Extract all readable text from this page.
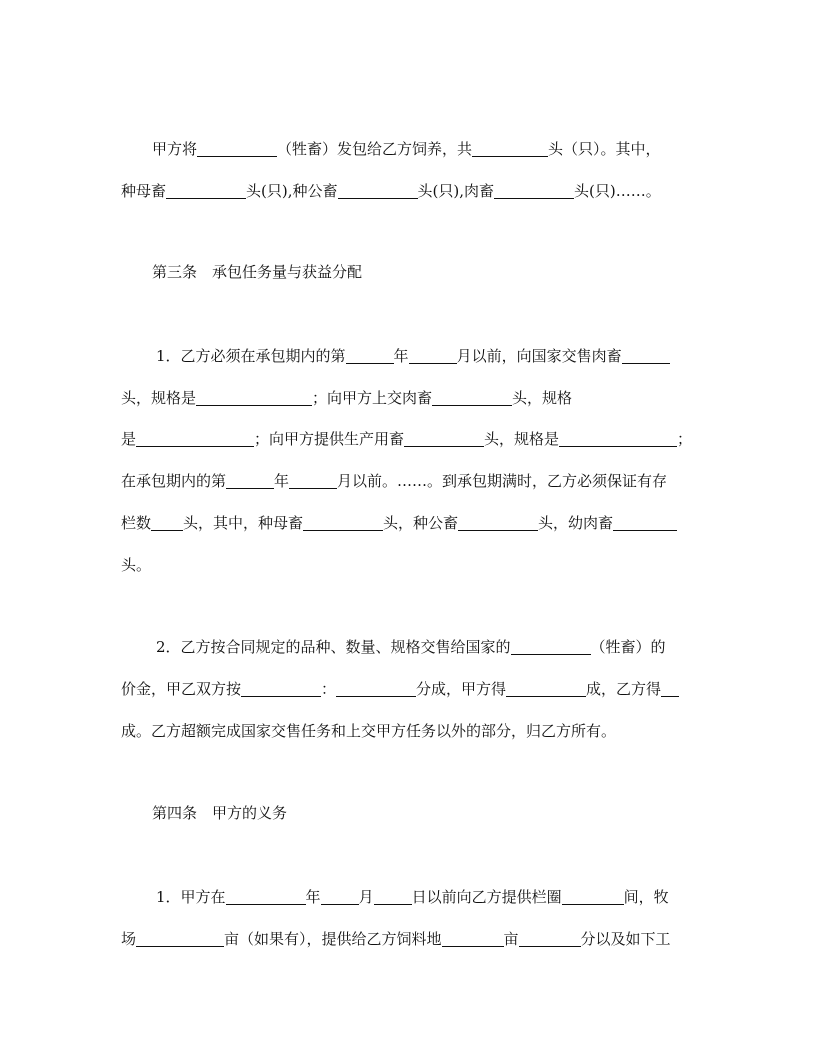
甲方将	（牲畜）发包给乙方饲养，共	头（只）。其中，
种母畜	头(只),种公畜	头(只),肉畜	头(只)……。
第三条　承包任务量与获益分配
1．乙方必须在承包期内的第	年	月以前，向国家交售肉畜
头，规格是	；向甲方上交肉畜	头，规格
是	；向甲方提供生产用畜	头，规格是	；
在承包期内的第	年	月以前。……。到承包期满时，乙方必须保证有存
栏数 头，其中，种母畜	头，种公畜	头，幼肉畜
头。
2．乙方按合同规定的品种、数量、规格交售给国家的	（牲畜）的
价金，甲乙双方按	：	分成，甲方得	成，乙方得
成。乙方超额完成国家交售任务和上交甲方任务以外的部分，归乙方所有。
第四条　甲方的义务
1．甲方在	年	月	日以前向乙方提供栏圈	间，牧
场	亩（如果有），提供给乙方饲料地	亩	分以及如下工
